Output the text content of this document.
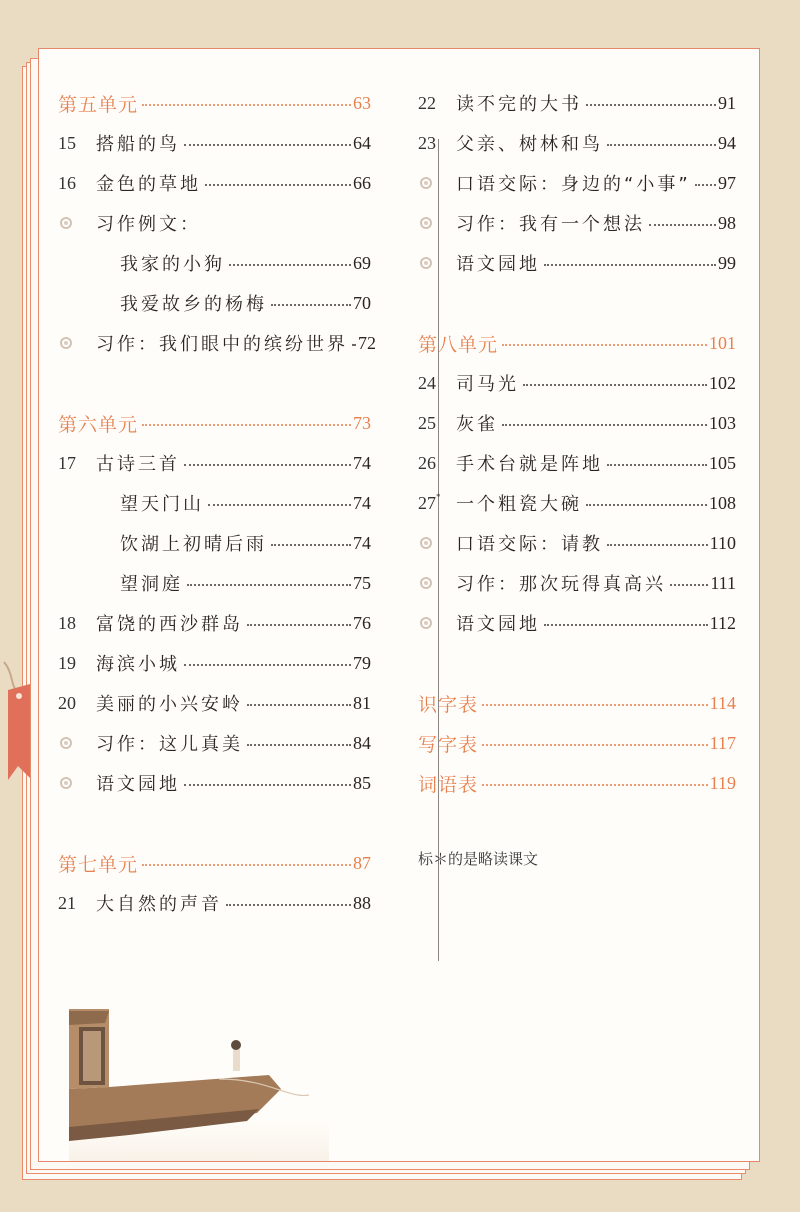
第五单元	63
15	搭船的鸟	64
16	金色的草地	66
习作例文：
我家的小狗	69
我爱故乡的杨梅	70
习作：我们眼中的缤纷世界 72
第六单元	73
17	古诗三首	74
望天门山	74
饮湖上初晴后雨	74
望洞庭	75
18	富饶的西沙群岛	76
19	海滨小城	79
20	美丽的小兴安岭	81
习作：这儿真美	84
语文园地	85
第七单元	87
21	大自然的声音	88
22	读不完的大书	91
23	父亲、树林和鸟	94
口语交际：身边的“小事” 97
习作：我有一个想法	98
语文园地	99
第八单元	101
24	司马光	102
25	灰雀	103
26	手术台就是阵地	105
27* 一个粗瓷大碗	108
口语交际：请教	110
习作：那次玩得真高兴 111
语文园地	112
识字表	114
写字表	117
词语表	119
标＊的是略读课文
